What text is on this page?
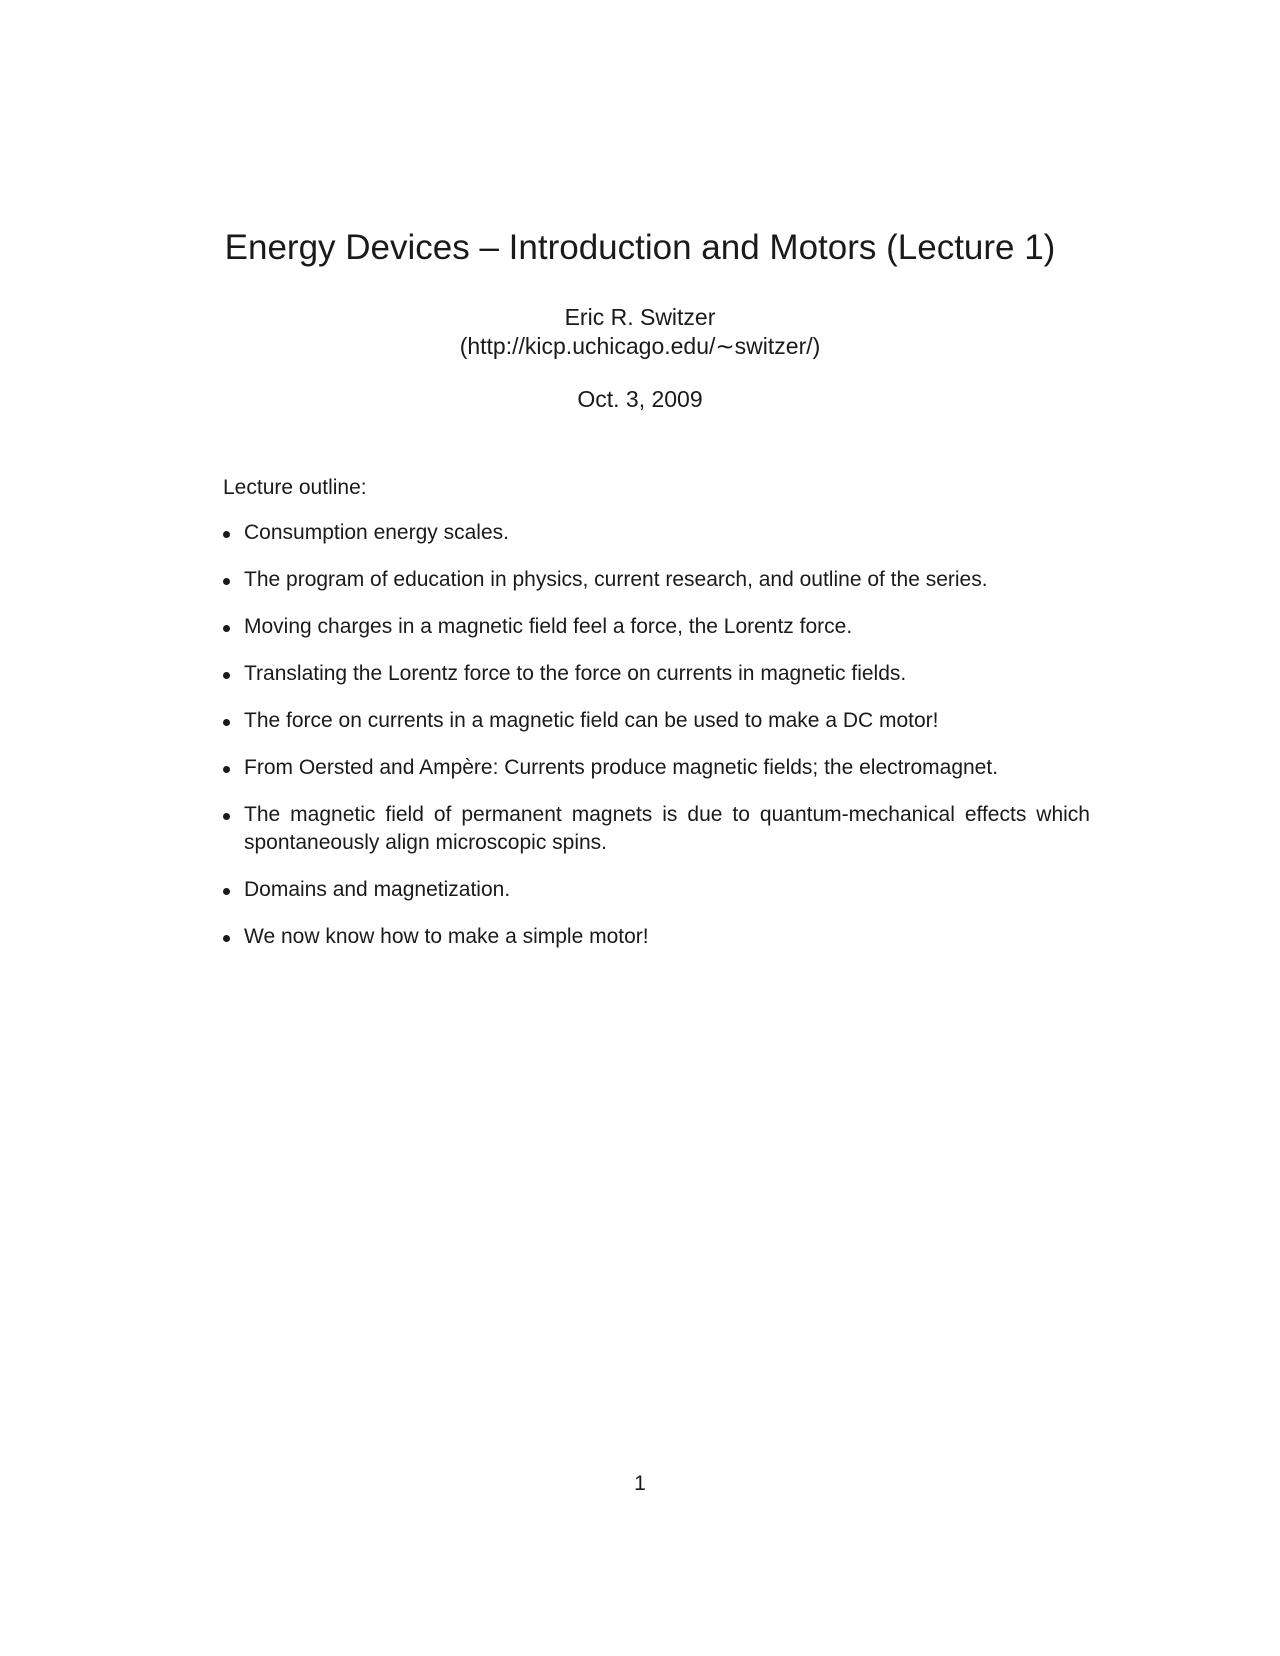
Energy Devices – Introduction and Motors (Lecture 1)
Eric R. Switzer
(http://kicp.uchicago.edu/∼switzer/)
Oct. 3, 2009
Lecture outline:
Consumption energy scales.
The program of education in physics, current research, and outline of the series.
Moving charges in a magnetic field feel a force, the Lorentz force.
Translating the Lorentz force to the force on currents in magnetic fields.
The force on currents in a magnetic field can be used to make a DC motor!
From Oersted and Ampère: Currents produce magnetic fields; the electromagnet.
The magnetic field of permanent magnets is due to quantum-mechanical effects which spontaneously align microscopic spins.
Domains and magnetization.
We now know how to make a simple motor!
1
